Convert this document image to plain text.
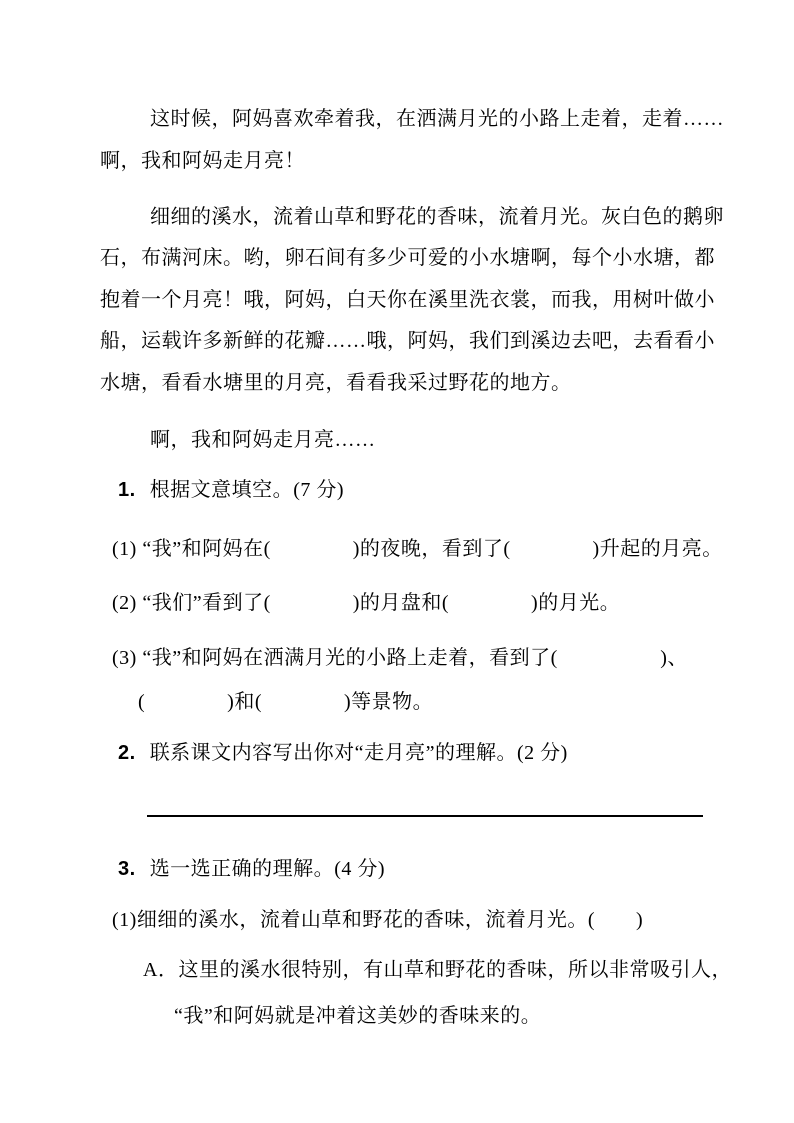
这时候，阿妈喜欢牵着我，在洒满月光的小路上走着，走着……
啊，我和阿妈走月亮！
细细的溪水，流着山草和野花的香味，流着月光。灰白色的鹅卵
石，布满河床。哟，卵石间有多少可爱的小水塘啊，每个小水塘，都
抱着一个月亮！哦，阿妈，白天你在溪里洗衣裳，而我，用树叶做小
船，运载许多新鲜的花瓣……哦，阿妈，我们到溪边去吧，去看看小
水塘，看看水塘里的月亮，看看我采过野花的地方。
啊，我和阿妈走月亮……
1. 根据文意填空。 (7 分)
(1) “我”和阿妈在(　　　　)的夜晚，看到了(　　　　)升起的月亮。
(2) “我们”看到了(　　　　)的月盘和(　　　　)的月光。
(3) “我”和阿妈在洒满月光的小路上走着，看到了(　　　　　)、
(　　　　)和(　　　　)等景物。
2. 联系课文内容写出你对“走月亮”的理解。 (2 分)
3. 选一选正确的理解。 (4 分)
(1)细细的溪水，流着山草和野花的香味，流着月光。(　　)
A．这里的溪水很特别，有山草和野花的香味，所以非常吸引人，
“我”和阿妈就是冲着这美妙的香味来的。
